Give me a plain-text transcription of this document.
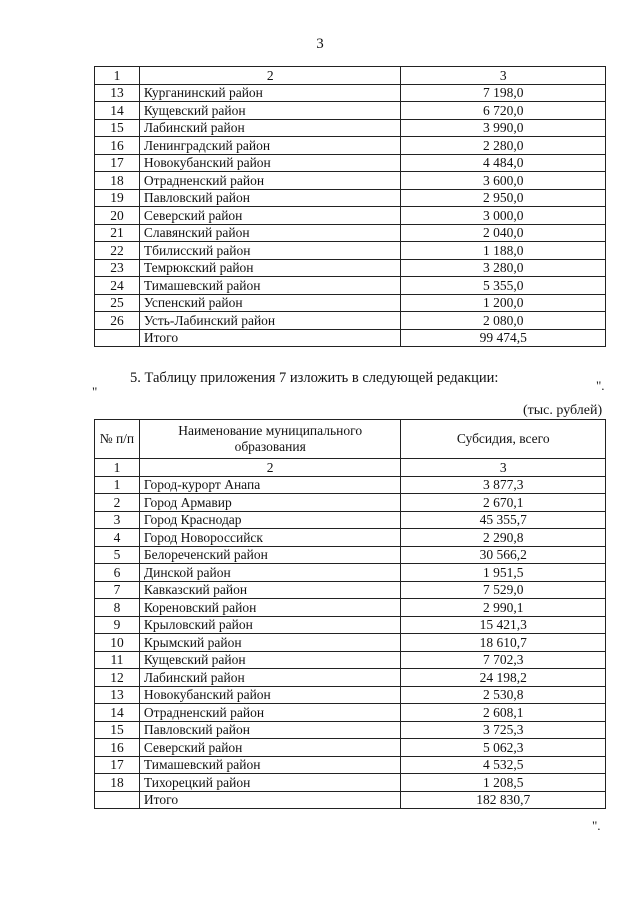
3
1	2	3
13	Курганинский район	7 198,0
14	Кущевский район	6 720,0
15	Лабинский район	3 990,0
16	Ленинградский район	2 280,0
17	Новокубанский район	4 484,0
18	Отрадненский район	3 600,0
19	Павловский район	2 950,0
20	Северский район	3 000,0
21	Славянский район	2 040,0
22	Тбилисский район	1 188,0
23	Темрюкский район	3 280,0
24	Тимашевский район	5 355,0
25	Успенский район	1 200,0
26	Усть-Лабинский район	2 080,0
	Итого	99 474,5
".
5. Таблицу приложения 7 изложить в следующей редакции:
"
(тыс. рублей)
№ п/п	Наименование муниципального образования	Субсидия, всего
1	2	3
1	Город-курорт Анапа	3 877,3
2	Город Армавир	2 670,1
3	Город Краснодар	45 355,7
4	Город Новороссийск	2 290,8
5	Белореченский район	30 566,2
6	Динской район	1 951,5
7	Кавказский район	7 529,0
8	Кореновский район	2 990,1
9	Крыловский район	15 421,3
10	Крымский район	18 610,7
11	Кущевский район	7 702,3
12	Лабинский район	24 198,2
13	Новокубанский район	2 530,8
14	Отрадненский район	2 608,1
15	Павловский район	3 725,3
16	Северский район	5 062,3
17	Тимашевский район	4 532,5
18	Тихорецкий район	1 208,5
	Итого	182 830,7
".
